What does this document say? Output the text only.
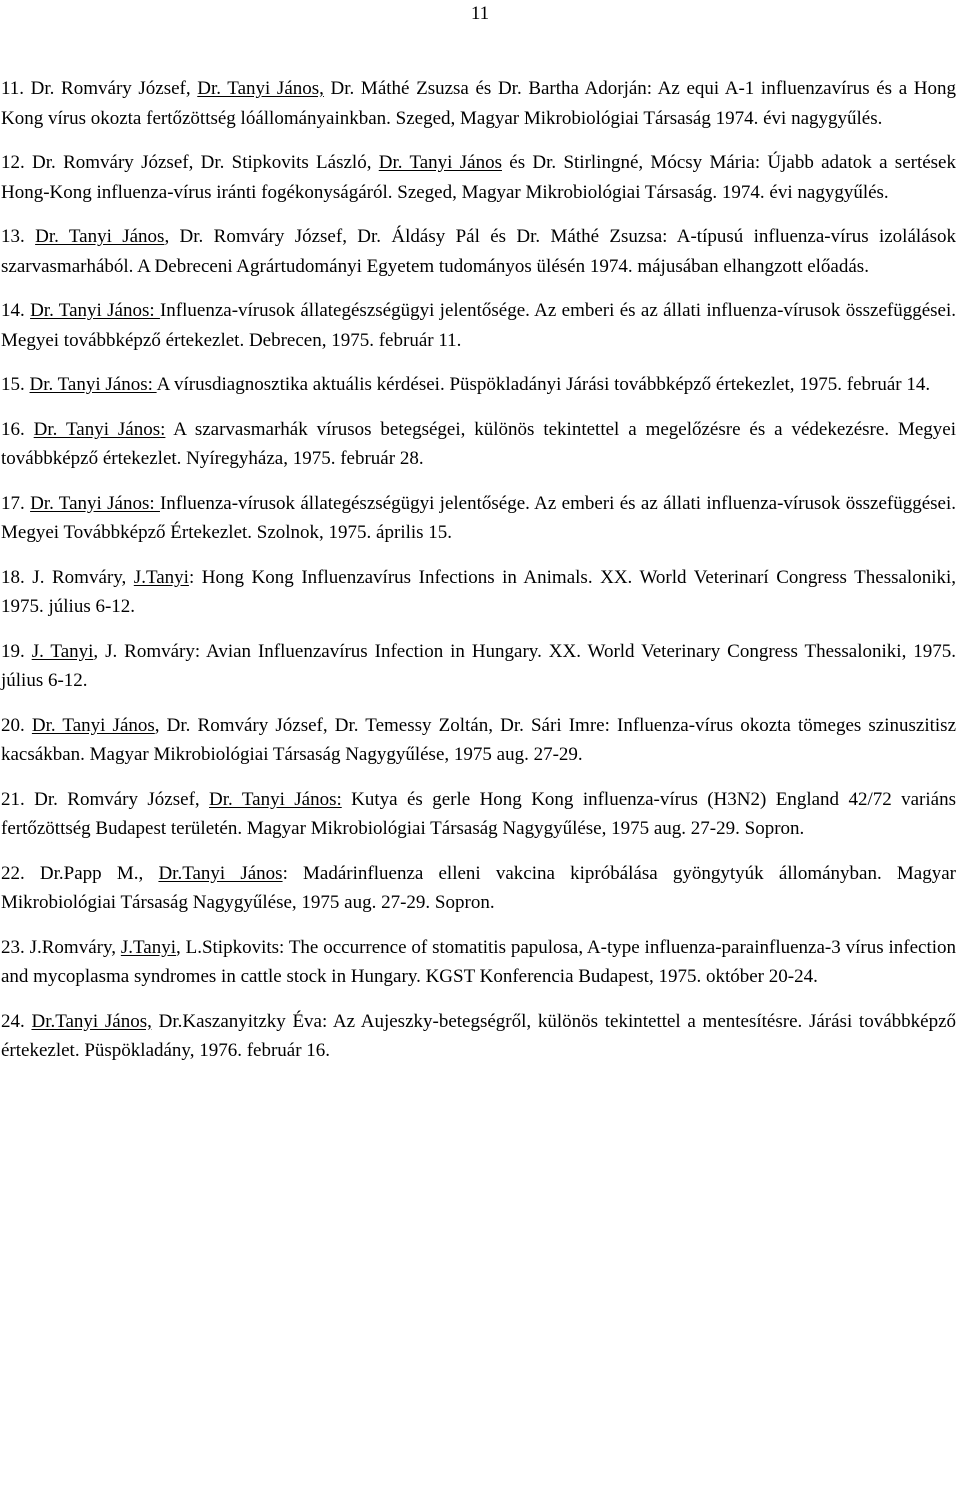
11

11. Dr. Romváry József, Dr. Tanyi János, Dr. Máthé Zsuzsa és Dr. Bartha Adorján: Az equi A-1 influenzavírus és a Hong Kong vírus okozta fertőzöttség lóállományainkban. Szeged, Magyar Mikrobiológiai Társaság 1974. évi nagygyűlés.

12. Dr. Romváry József, Dr. Stipkovits László, Dr. Tanyi János és Dr. Stirlingné, Mócsy Mária: Újabb adatok a sertések Hong-Kong influenza-vírus iránti fogékonyságáról. Szeged, Magyar Mikrobiológiai Társaság. 1974. évi nagygyűlés.

13. Dr. Tanyi János, Dr. Romváry József, Dr. Áldásy Pál és Dr. Máthé Zsuzsa: A-típusú influenza-vírus izolálások szarvasmarhából. A Debreceni Agrártudományi Egyetem tudományos ülésén 1974. májusában elhangzott előadás.

14. Dr. Tanyi János: Influenza-vírusok állategészségügyi jelentősége. Az emberi és az állati influenza-vírusok összefüggései. Megyei továbbképző értekezlet. Debrecen, 1975. február 11.

15. Dr. Tanyi János: A vírusdiagnosztika aktuális kérdései. Püspökladányi Járási továbbképző értekezlet, 1975. február 14.

16. Dr. Tanyi János: A szarvasmarhák vírusos betegségei, különös tekintettel a megelőzésre és a védekezésre. Megyei továbbképző értekezlet. Nyíregyháza, 1975. február 28.

17. Dr. Tanyi János: Influenza-vírusok állategészségügyi jelentősége. Az emberi és az állati influenza-vírusok összefüggései. Megyei Továbbképző Értekezlet. Szolnok, 1975. április 15.

18. J. Romváry, J.Tanyi: Hong Kong Influenzavírus Infections in Animals. XX. World Veterinarí Congress Thessaloniki, 1975. július 6-12.

19. J. Tanyi, J. Romváry: Avian Influenzavírus Infection in Hungary. XX. World Veterinary Congress Thessaloniki, 1975. július 6-12.

20. Dr. Tanyi János, Dr. Romváry József, Dr. Temessy Zoltán, Dr. Sári Imre: Influenza-vírus okozta tömeges szinuszitisz kacsákban. Magyar Mikrobiológiai Társaság Nagygyűlése, 1975 aug. 27-29.

21. Dr. Romváry József, Dr. Tanyi János: Kutya és gerle Hong Kong influenza-vírus (H3N2) England 42/72 variáns fertőzöttség Budapest területén. Magyar Mikrobiológiai Társaság Nagygyűlése, 1975 aug. 27-29. Sopron.

22. Dr.Papp M., Dr.Tanyi János: Madárinfluenza elleni vakcina kipróbálása gyöngytyúk állományban. Magyar Mikrobiológiai Társaság Nagygyűlése, 1975 aug. 27-29. Sopron.

23. J.Romváry, J.Tanyi, L.Stipkovits: The occurrence of stomatitis papulosa, A-type influenza-parainfluenza-3 vírus infection and mycoplasma syndromes in cattle stock in Hungary. KGST Konferencia Budapest, 1975. október 20-24.

24. Dr.Tanyi János, Dr.Kaszanyitzky Éva: Az Aujeszky-betegségről, különös tekintettel a mentesítésre. Járási továbbképző értekezlet. Püspökladány, 1976. február 16.
